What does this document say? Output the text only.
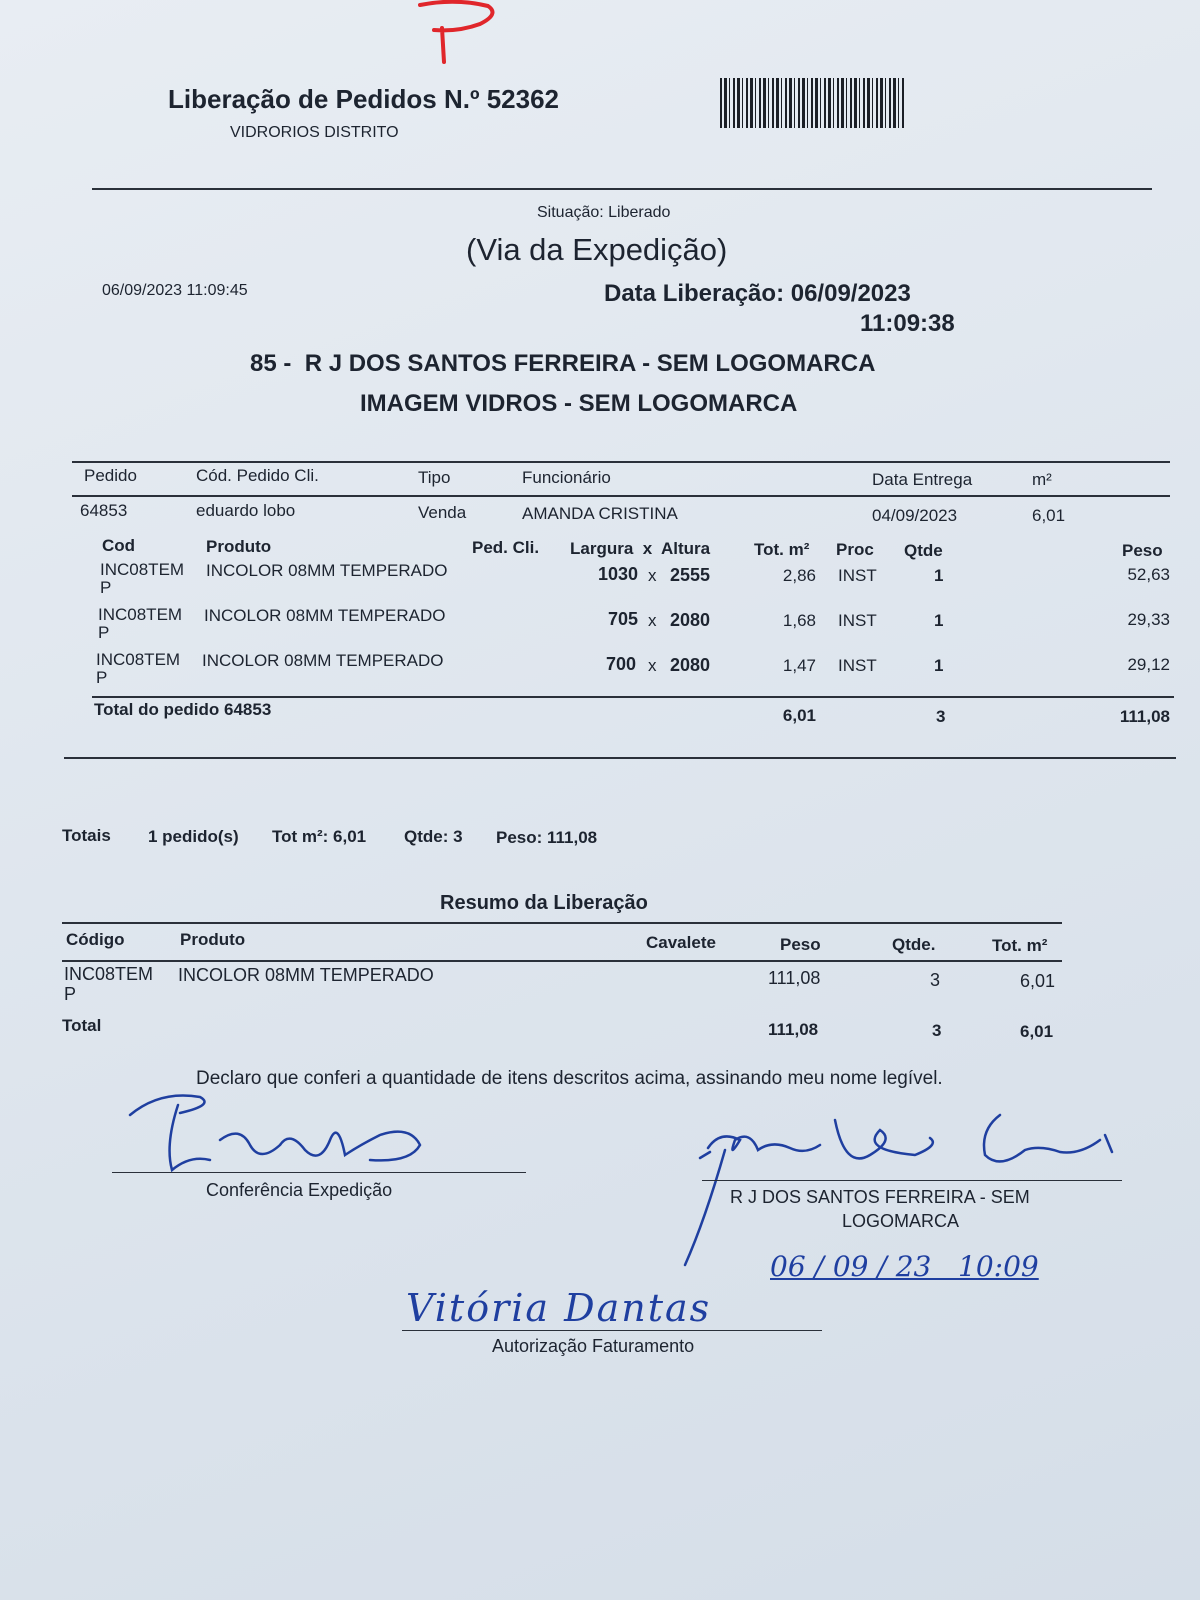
Liberação de Pedidos N.º 52362
VIDRORIOS DISTRITO
Situação: Liberado
(Via da Expedição)
06/09/2023 11:09:45	Data Liberação: 06/09/2023
11:09:38
85 -  R J DOS SANTOS FERREIRA - SEM LOGOMARCA
IMAGEM VIDROS - SEM LOGOMARCA
Pedido	Cód. Pedido Cli.	Tipo	Funcionário	Data Entrega	m²
64853	eduardo lobo	Venda	AMANDA CRISTINA	04/09/2023	6,01
Cod	Produto	Ped. Cli. Largura  x  Altura	Tot. m² Proc Qtde	Peso
INC08TEM
P
INCOLOR 08MM TEMPERADO	1030 x 2555	2,86 INST	1	52,63
INC08TEM
P
INCOLOR 08MM TEMPERADO	705 x 2080	1,68 INST	1	29,33
INC08TEM
P
INCOLOR 08MM TEMPERADO	700 x 2080	1,47 INST	1	29,12
Total do pedido 64853	6,01	3	111,08
Totais 1 pedido(s) Tot m²: 6,01 Qtde: 3 Peso: 111,08
Resumo da Liberação
Código	Produto	Cavalete	Peso	Qtde.	Tot. m²
INC08TEM
P
INCOLOR 08MM TEMPERADO	111,08	3	6,01
Total	111,08	3	6,01
Declaro que conferi a quantidade de itens descritos acima, assinando meu nome legível.
Conferência Expedição	R J DOS SANTOS FERREIRA - SEM
LOGOMARCA
06 / 09 / 23   10:09
Vitória Dantas
Autorização Faturamento
